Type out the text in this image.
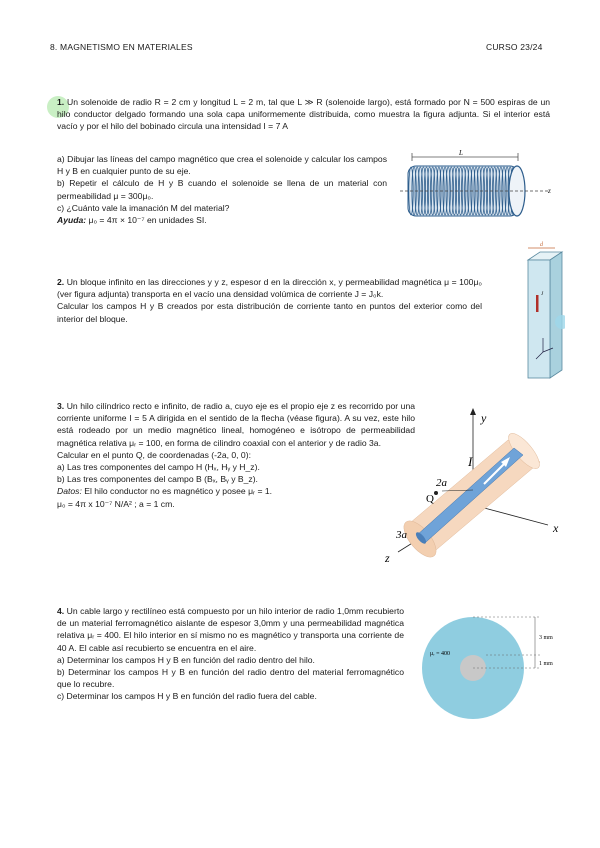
8. MAGNETISMO EN MATERIALES	CURSO 23/24

1. Un solenoide de radio R = 2 cm y longitud L = 2 m, tal que L ≫ R (solenoide largo), está formado por N = 500 espiras de un hilo conductor delgado formando una sola capa uniformemente distribuida, como muestra la figura adjunta. Si el interior está vacío y por el hilo del bobinado circula una intensidad I = 7 A

a) Dibujar las líneas del campo magnético que crea el solenoide y calcular los campos H y B en cualquier punto de su eje.

b) Repetir el cálculo de H y B cuando el solenoide se llena de un material con permeabilidad μ = 300μ₀.

c) ¿Cuánto vale la imanación M del material?

Ayuda: μ₀ = 4π × 10⁻⁷ en unidades SI.

L
z

2. Un bloque infinito en las direcciones y y z, espesor d en la dirección x, y permeabilidad magnética μ = 100μ₀ (ver figura adjunta) transporta en el vacío una densidad volúmica de corriente J = J₀k.

Calcular los campos H y B creados por esta distribución de corriente tanto en puntos del exterior como del interior del bloque.

d
J

3. Un hilo cilíndrico recto e infinito, de radio a, cuyo eje es el propio eje z es recorrido por una corriente uniforme I = 5 A dirigida en el sentido de la flecha (véase figura). A su vez, este hilo está rodeado por un medio magnético lineal, homogéneo e isótropo de permeabilidad magnética relativa μᵣ = 100, en forma de cilindro coaxial con el anterior y de radio 3a.

Calcular en el punto Q, de coordenadas (-2a, 0, 0):

a) Las tres componentes del campo H (Hₓ, Hᵧ y H_z).

b) Las tres componentes del campo B (Bₓ, Bᵧ y B_z).

Datos: El hilo conductor no es magnético y posee μᵣ = 1.

μ₀ = 4π x 10⁻⁷ N/A² ; a = 1 cm.

y
x
z
I
2a
Q
3a

4. Un cable largo y rectilíneo está compuesto por un hilo interior de radio 1,0mm recubierto de un material ferromagnético aislante de espesor 3,0mm y una permeabilidad magnética relativa μᵣ = 400. El hilo interior en sí mismo no es magnético y transporta una corriente de 40 A. El cable así recubierto se encuentra en el aire.

a) Determinar los campos H y B en función del radio dentro del hilo.

b) Determinar los campos H y B en función del radio dentro del material ferromagnético que lo recubre.

c) Determinar los campos H y B en función del radio fuera del cable.

μᵣ = 400
3 mm
1 mm
